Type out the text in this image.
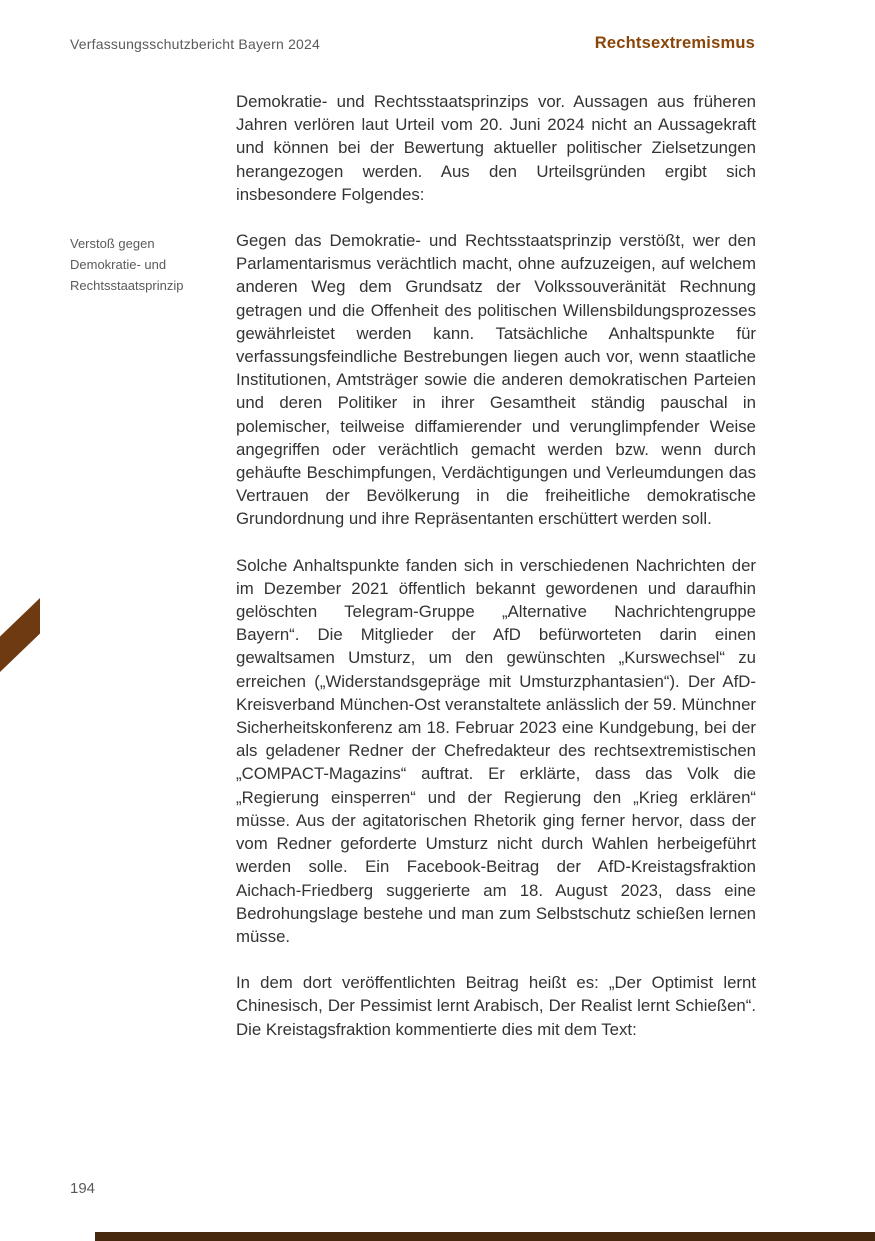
Verfassungsschutzbericht Bayern 2024	Rechtsextremismus
Verstoß gegen Demokratie- und Rechtsstaatsprinzip

Demokratie- und Rechtsstaatsprinzips vor. Aussagen aus früheren Jahren verlören laut Urteil vom 20. Juni 2024 nicht an Aussagekraft und können bei der Bewertung aktueller politischer Zielsetzungen herangezogen werden. Aus den Urteilsgründen ergibt sich insbesondere Folgendes:

Gegen das Demokratie- und Rechtsstaatsprinzip verstößt, wer den Parlamentarismus verächtlich macht, ohne aufzuzeigen, auf welchem anderen Weg dem Grundsatz der Volkssouveränität Rechnung getragen und die Offenheit des politischen Willensbildungsprozesses gewährleistet werden kann. Tatsächliche Anhaltspunkte für verfassungsfeindliche Bestrebungen liegen auch vor, wenn staatliche Institutionen, Amtsträger sowie die anderen demokratischen Parteien und deren Politiker in ihrer Gesamtheit ständig pauschal in polemischer, teilweise diffamierender und verunglimpfender Weise angegriffen oder verächtlich gemacht werden bzw. wenn durch gehäufte Beschimpfungen, Verdächtigungen und Verleumdungen das Vertrauen der Bevölkerung in die freiheitliche demokratische Grundordnung und ihre Repräsentanten erschüttert werden soll.

Solche Anhaltspunkte fanden sich in verschiedenen Nachrichten der im Dezember 2021 öffentlich bekannt gewordenen und daraufhin gelöschten Telegram-Gruppe „Alternative Nachrichtengruppe Bayern“. Die Mitglieder der AfD befürworteten darin einen gewaltsamen Umsturz, um den gewünschten „Kurswechsel“ zu erreichen („Widerstandsgepräge mit Umsturzphantasien“). Der AfD-Kreisverband München-Ost veranstaltete anlässlich der 59. Münchner Sicherheitskonferenz am 18. Februar 2023 eine Kundgebung, bei der als geladener Redner der Chefredakteur des rechtsextremistischen „COMPACT-Magazins“ auftrat. Er erklärte, dass das Volk die „Regierung einsperren“ und der Regierung den „Krieg erklären“ müsse. Aus der agitatorischen Rhetorik ging ferner hervor, dass der vom Redner geforderte Umsturz nicht durch Wahlen herbeigeführt werden solle. Ein Facebook-Beitrag der AfD-Kreistagsfraktion Aichach-Friedberg suggerierte am 18. August 2023, dass eine Bedrohungslage bestehe und man zum Selbstschutz schießen lernen müsse.

In dem dort veröffentlichten Beitrag heißt es: „Der Optimist lernt Chinesisch, Der Pessimist lernt Arabisch, Der Realist lernt Schießen“. Die Kreistagsfraktion kommentierte dies mit dem Text:

194
